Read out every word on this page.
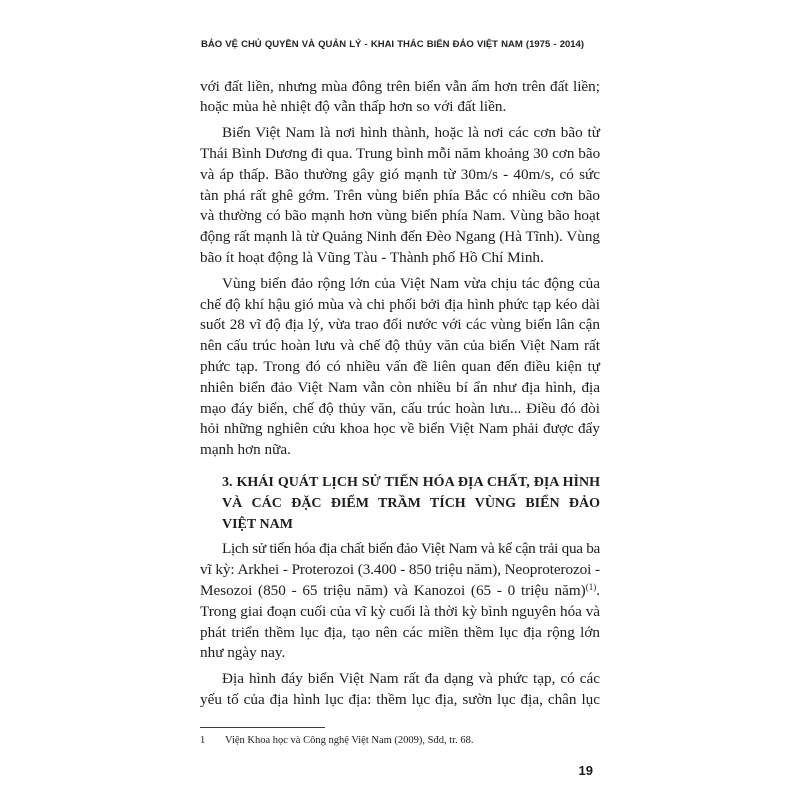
BẢO VỆ CHỦ QUYỀN VÀ QUẢN LÝ - KHAI THÁC BIỂN ĐẢO VIỆT NAM (1975 - 2014)
với đất liền, nhưng mùa đông trên biển vẫn ấm hơn trên đất liền;
hoặc mùa hè nhiệt độ vẫn thấp hơn so với đất liền.
Biển Việt Nam là nơi hình thành, hoặc là nơi các cơn bão từ
Thái Bình Dương đi qua. Trung bình mỗi năm khoảng 30 cơn bão
và áp thấp. Bão thường gây gió mạnh từ 30m/s - 40m/s, có sức
tàn phá rất ghê gớm. Trên vùng biển phía Bắc có nhiều cơn bão
và thường có bão mạnh hơn vùng biển phía Nam. Vùng bão hoạt
động rất mạnh là từ Quảng Ninh đến Đèo Ngang (Hà Tĩnh). Vùng
bão ít hoạt động là Vũng Tàu - Thành phố Hồ Chí Minh.
Vùng biển đảo rộng lớn của Việt Nam vừa chịu tác động của
chế độ khí hậu gió mùa và chi phối bởi địa hình phức tạp kéo dài
suốt 28 vĩ độ địa lý, vừa trao đổi nước với các vùng biển lân cận
nên cấu trúc hoàn lưu và chế độ thủy văn của biển Việt Nam rất
phức tạp. Trong đó có nhiều vấn đề liên quan đến điều kiện tự
nhiên biển đảo Việt Nam vẫn còn nhiều bí ẩn như địa hình, địa
mạo đáy biển, chế độ thủy văn, cấu trúc hoàn lưu... Điều đó đòi
hỏi những nghiên cứu khoa học về biển Việt Nam phải được đẩy
mạnh hơn nữa.
3. KHÁI QUÁT LỊCH SỬ TIẾN HÓA ĐỊA CHẤT, ĐỊA HÌNH
VÀ CÁC ĐẶC ĐIỂM TRẦM TÍCH VÙNG BIỂN ĐẢO
VIỆT NAM
Lịch sử tiến hóa địa chất biển đảo Việt Nam và kể cận trải qua ba
vĩ kỳ: Arkhei - Proterozoi (3.400 - 850 triệu năm), Neoproterozoi -
Mesozoi (850 - 65 triệu năm) và Kanozoi (65 - 0 triệu năm)$^{(1)}$.
Trong giai đoạn cuối của vĩ kỳ cuối là thời kỳ bình nguyên hóa và
phát triển thềm lục địa, tạo nên các miền thềm lục địa rộng lớn
như ngày nay.
Địa hình đáy biển Việt Nam rất đa dạng và phức tạp, có các
yếu tố của địa hình lục địa: thềm lục địa, sườn lục địa, chân lục
1 Viện Khoa học và Công nghệ Việt Nam (2009), Sđd, tr. 68.
19
